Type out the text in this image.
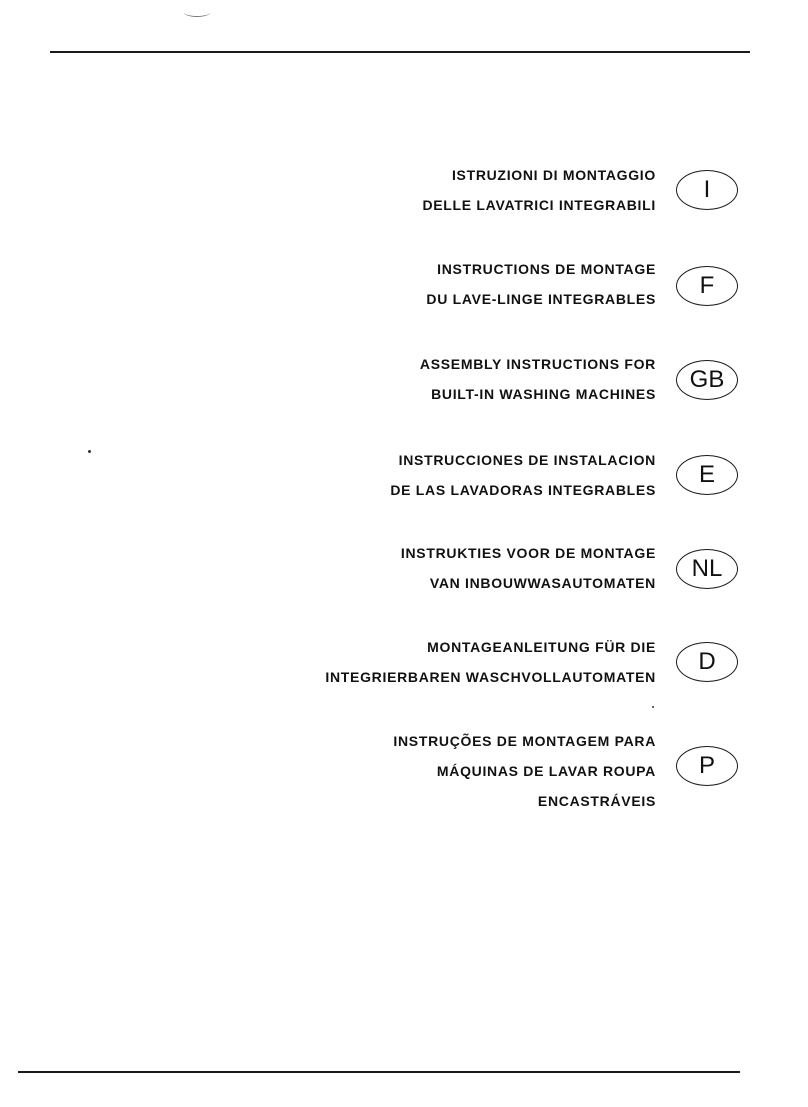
ISTRUZIONI DI MONTAGGIO
DELLE LAVATRICI INTEGRABILI
I
INSTRUCTIONS DE MONTAGE
DU LAVE-LINGE INTEGRABLES	F
ASSEMBLY INSTRUCTIONS FOR
BUILT-IN WASHING MACHINES
GB
INSTRUCCIONES DE INSTALACION
DE LAS LAVADORAS INTEGRABLES
E
INSTRUKTIES VOOR DE MONTAGE
VAN INBOUWWASAUTOMATEN
NL
MONTAGEANLEITUNG FÜR DIE
INTEGRIERBAREN WASCHVOLLAUTOMATEN
D
INSTRUÇÕES DE MONTAGEM PARA
MÁQUINAS DE LAVAR ROUPA
ENCASTRÁVEIS
P
